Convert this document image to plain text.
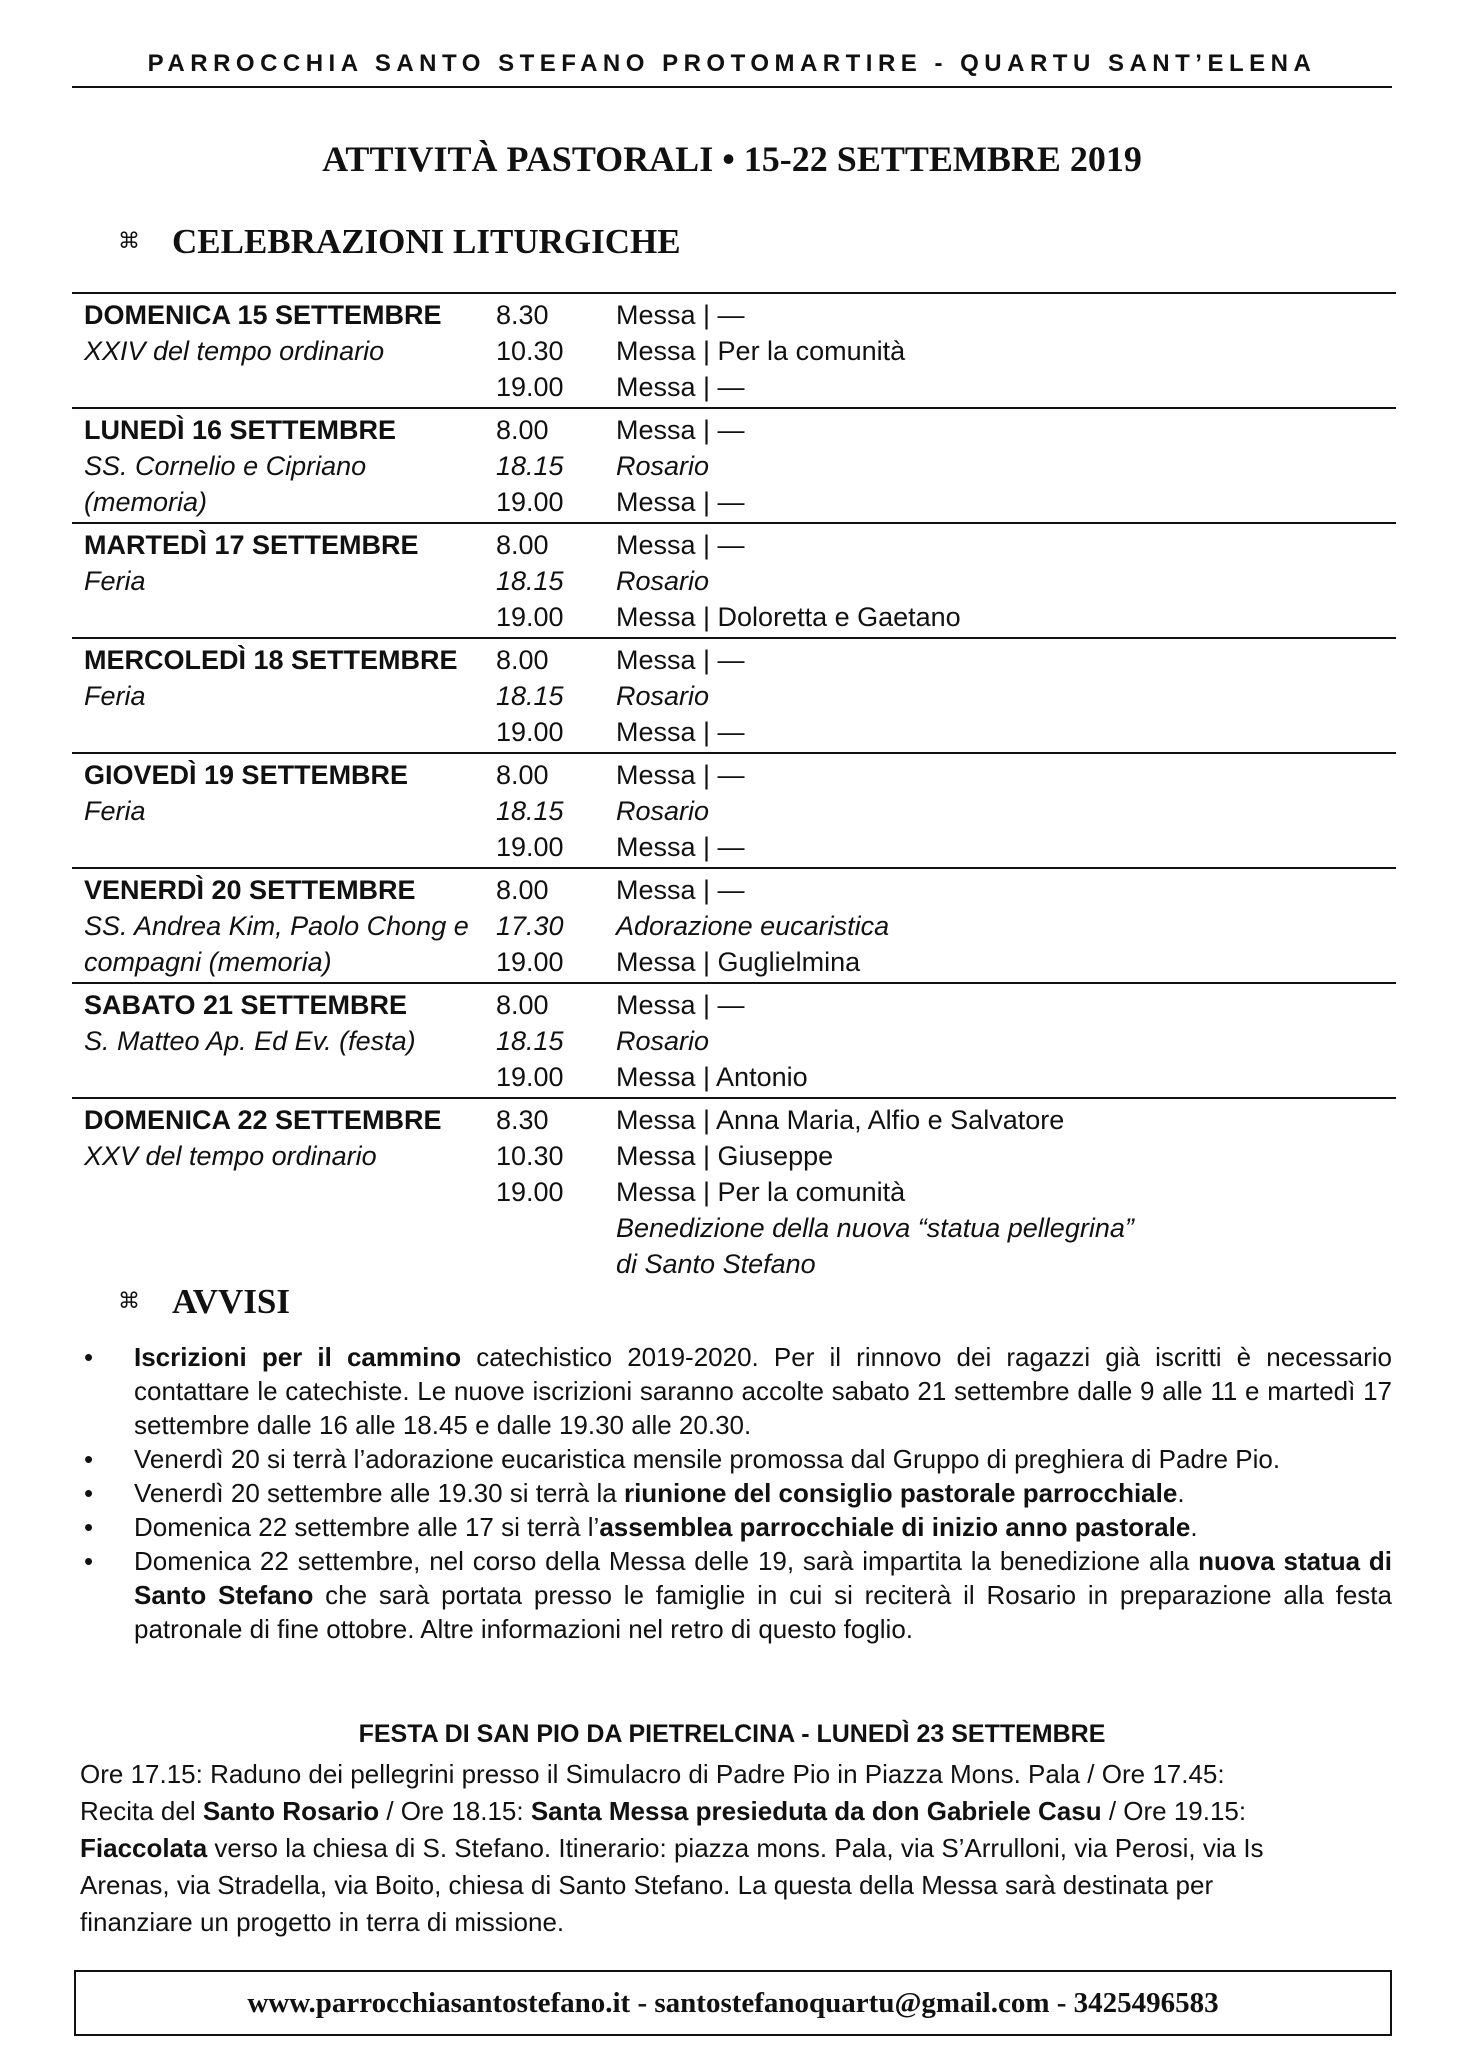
PARROCCHIA SANTO STEFANO PROTOMARTIRE - QUARTU SANT’ELENA
ATTIVITÀ PASTORALI • 15-22 SETTEMBRE 2019
⌘ CELEBRAZIONI LITURGICHE
DOMENICA 15 SETTEMBRE	8.30	Messa | —
XXIV del tempo ordinario	10.30	Messa | Per la comunità
19.00	Messa | —
LUNEDÌ 16 SETTEMBRE	8.00	Messa | —
SS. Cornelio e Cipriano	18.15	Rosario
(memoria)	19.00	Messa | —
MARTEDÌ 17 SETTEMBRE	8.00	Messa | —
Feria	18.15	Rosario
19.00	Messa | Doloretta e Gaetano
MERCOLEDÌ 18 SETTEMBRE	8.00	Messa | —
Feria	18.15	Rosario
19.00	Messa | —
GIOVEDÌ 19 SETTEMBRE	8.00	Messa | —
Feria	18.15	Rosario
19.00	Messa | —
VENERDÌ 20 SETTEMBRE	8.00	Messa | —
SS. Andrea Kim, Paolo Chong e	17.30	Adorazione eucaristica
compagni (memoria)	19.00	Messa | Guglielmina
SABATO 21 SETTEMBRE	8.00	Messa | —
S. Matteo Ap. Ed Ev. (festa)	18.15	Rosario
19.00	Messa | Antonio
DOMENICA 22 SETTEMBRE	8.30	Messa | Anna Maria, Alfio e Salvatore
XXV del tempo ordinario	10.30	Messa | Giuseppe
19.00	Messa | Per la comunità
Benedizione della nuova “statua pellegrina”
di Santo Stefano
⌘ AVVISI
• Iscrizioni per il cammino catechistico 2019-2020. Per il rinnovo dei ragazzi già iscritti è necessario contattare le catechiste. Le nuove iscrizioni saranno accolte sabato 21 settembre dalle 9 alle 11 e martedì 17 settembre dalle 16 alle 18.45 e dalle 19.30 alle 20.30.
• Venerdì 20 si terrà l’adorazione eucaristica mensile promossa dal Gruppo di preghiera di Padre Pio.
• Venerdì 20 settembre alle 19.30 si terrà la riunione del consiglio pastorale parrocchiale.
• Domenica 22 settembre alle 17 si terrà l’assemblea parrocchiale di inizio anno pastorale.
• Domenica 22 settembre, nel corso della Messa delle 19, sarà impartita la benedizione alla nuova statua di Santo Stefano che sarà portata presso le famiglie in cui si reciterà il Rosario in preparazione alla festa patronale di fine ottobre. Altre informazioni nel retro di questo foglio.
FESTA DI SAN PIO DA PIETRELCINA - LUNEDÌ 23 SETTEMBRE
Ore 17.15: Raduno dei pellegrini presso il Simulacro di Padre Pio in Piazza Mons. Pala / Ore 17.45:
Recita del Santo Rosario / Ore 18.15: Santa Messa presieduta da don Gabriele Casu / Ore 19.15:
Fiaccolata verso la chiesa di S. Stefano. Itinerario: piazza mons. Pala, via S’Arrulloni, via Perosi, via Is
Arenas, via Stradella, via Boito, chiesa di Santo Stefano. La questa della Messa sarà destinata per
finanziare un progetto in terra di missione.
www.parrocchiasantostefano.it - santostefanoquartu@gmail.com - 3425496583
